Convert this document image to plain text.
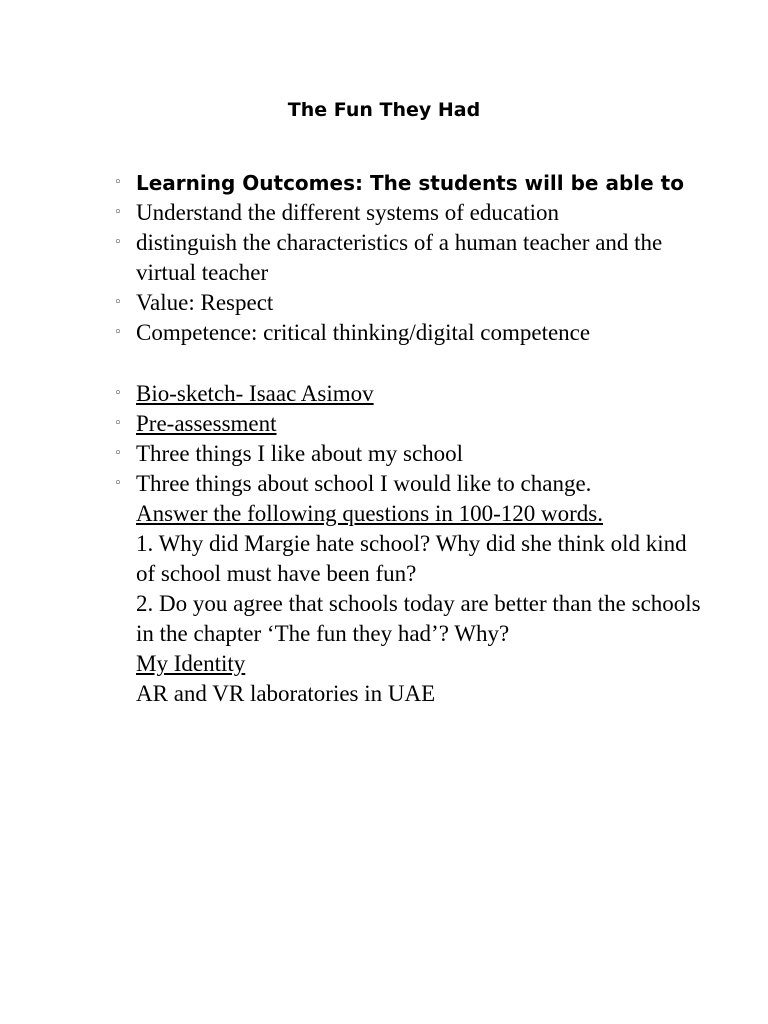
The Fun They Had
◦ Learning Outcomes: The students will be able to
◦ Understand the different systems of education
◦ distinguish the characteristics of a human teacher and the virtual teacher
◦ Value: Respect
◦ Competence: critical thinking/digital competence
◦ Bio-sketch- Isaac Asimov
◦ Pre-assessment
◦ Three things I like about my school
◦ Three things about school I would like to change.
Answer the following questions in 100-120 words.
1. Why did Margie hate school? Why did she think old kind of school must have been fun?
2. Do you agree that schools today are better than the schools in the chapter ‘The fun they had’? Why?
My Identity
AR and VR laboratories in UAE
